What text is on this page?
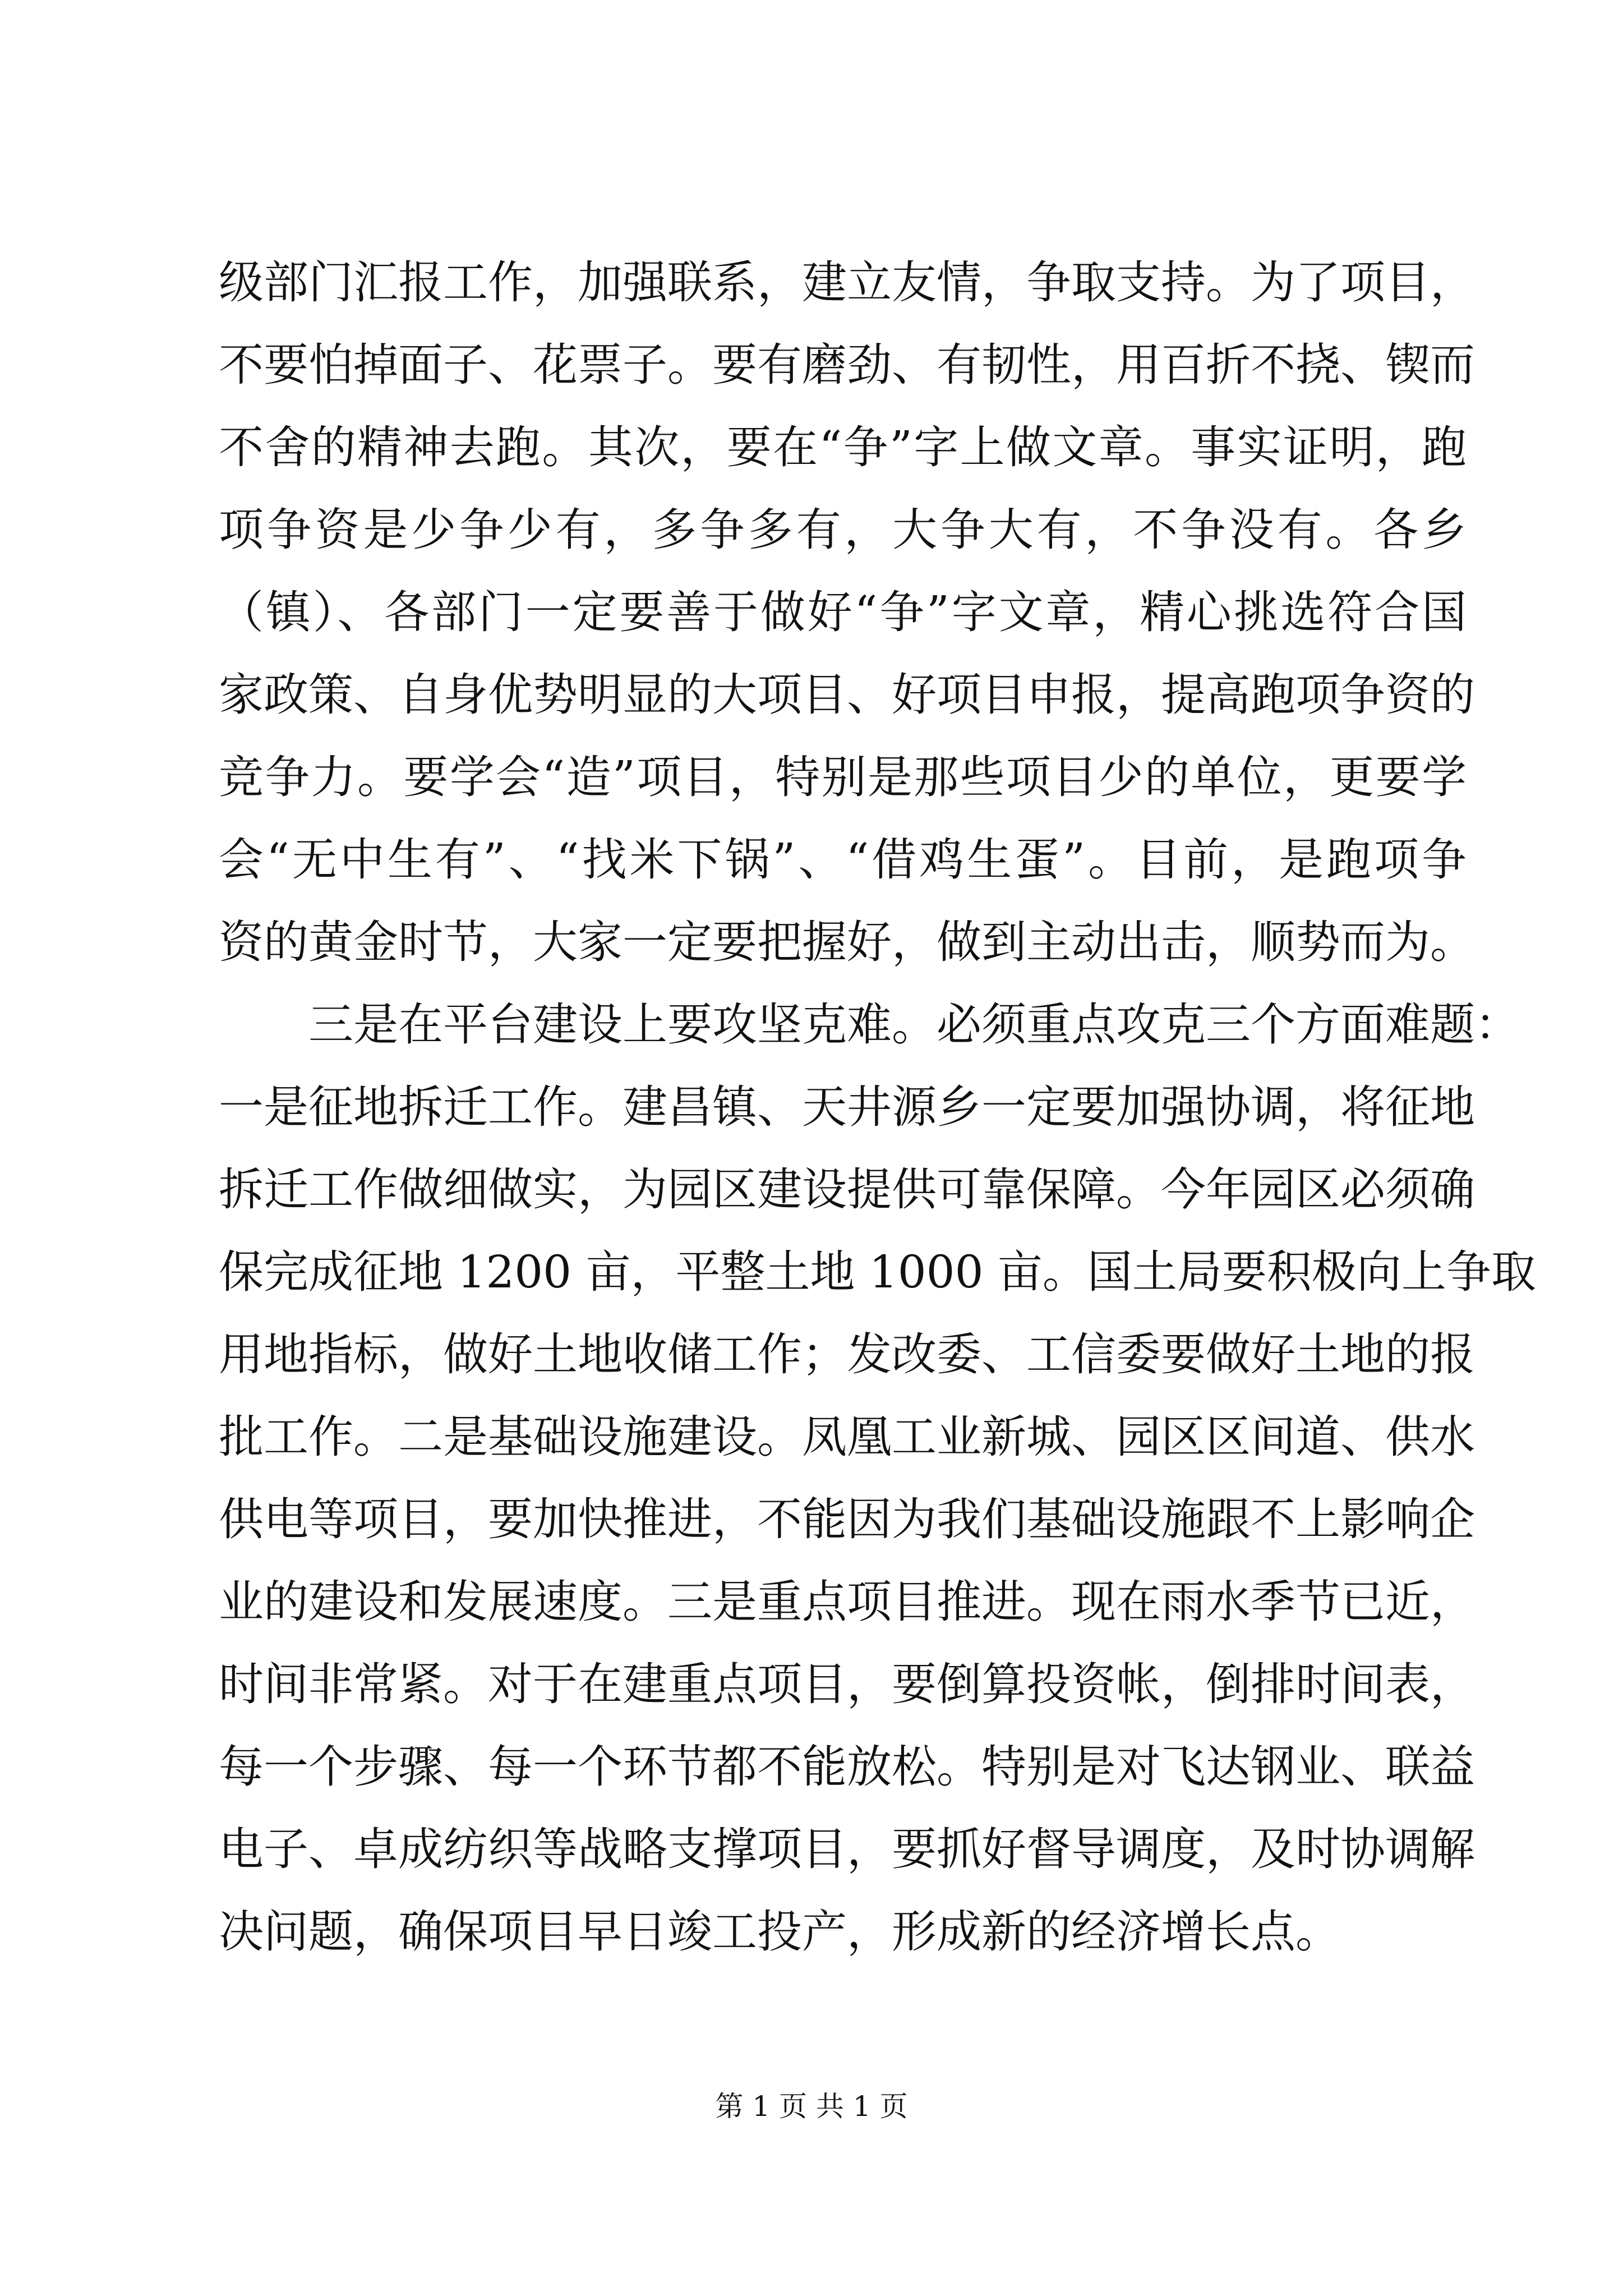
级部门汇报工作，加强联系，建立友情，争取支持。为了项目，
不要怕掉面子、花票子。要有磨劲、有韧性，用百折不挠、锲而
不舍的精神去跑。其次，要在“争”字上做文章。事实证明，跑
项争资是少争少有，多争多有，大争大有，不争没有。各乡
（镇）、各部门一定要善于做好“争”字文章，精心挑选符合国
家政策、自身优势明显的大项目、好项目申报，提高跑项争资的
竞争力。要学会“造”项目，特别是那些项目少的单位，更要学
会“无中生有”、“找米下锅”、“借鸡生蛋”。目前，是跑项争
资的黄金时节，大家一定要把握好，做到主动出击，顺势而为。
三是在平台建设上要攻坚克难。必须重点攻克三个方面难题：
一是征地拆迁工作。建昌镇、天井源乡一定要加强协调，将征地
拆迁工作做细做实，为园区建设提供可靠保障。今年园区必须确
保完成征地 1200 亩，平整土地 1000 亩。国土局要积极向上争取
用地指标，做好土地收储工作；发改委、工信委要做好土地的报
批工作。二是基础设施建设。凤凰工业新城、园区区间道、供水
供电等项目，要加快推进，不能因为我们基础设施跟不上影响企
业的建设和发展速度。三是重点项目推进。现在雨水季节已近，
时间非常紧。对于在建重点项目，要倒算投资帐，倒排时间表，
每一个步骤、每一个环节都不能放松。特别是对飞达钢业、联益
电子、卓成纺织等战略支撑项目，要抓好督导调度，及时协调解
决问题，确保项目早日竣工投产，形成新的经济增长点。
第 1 页 共 1 页
